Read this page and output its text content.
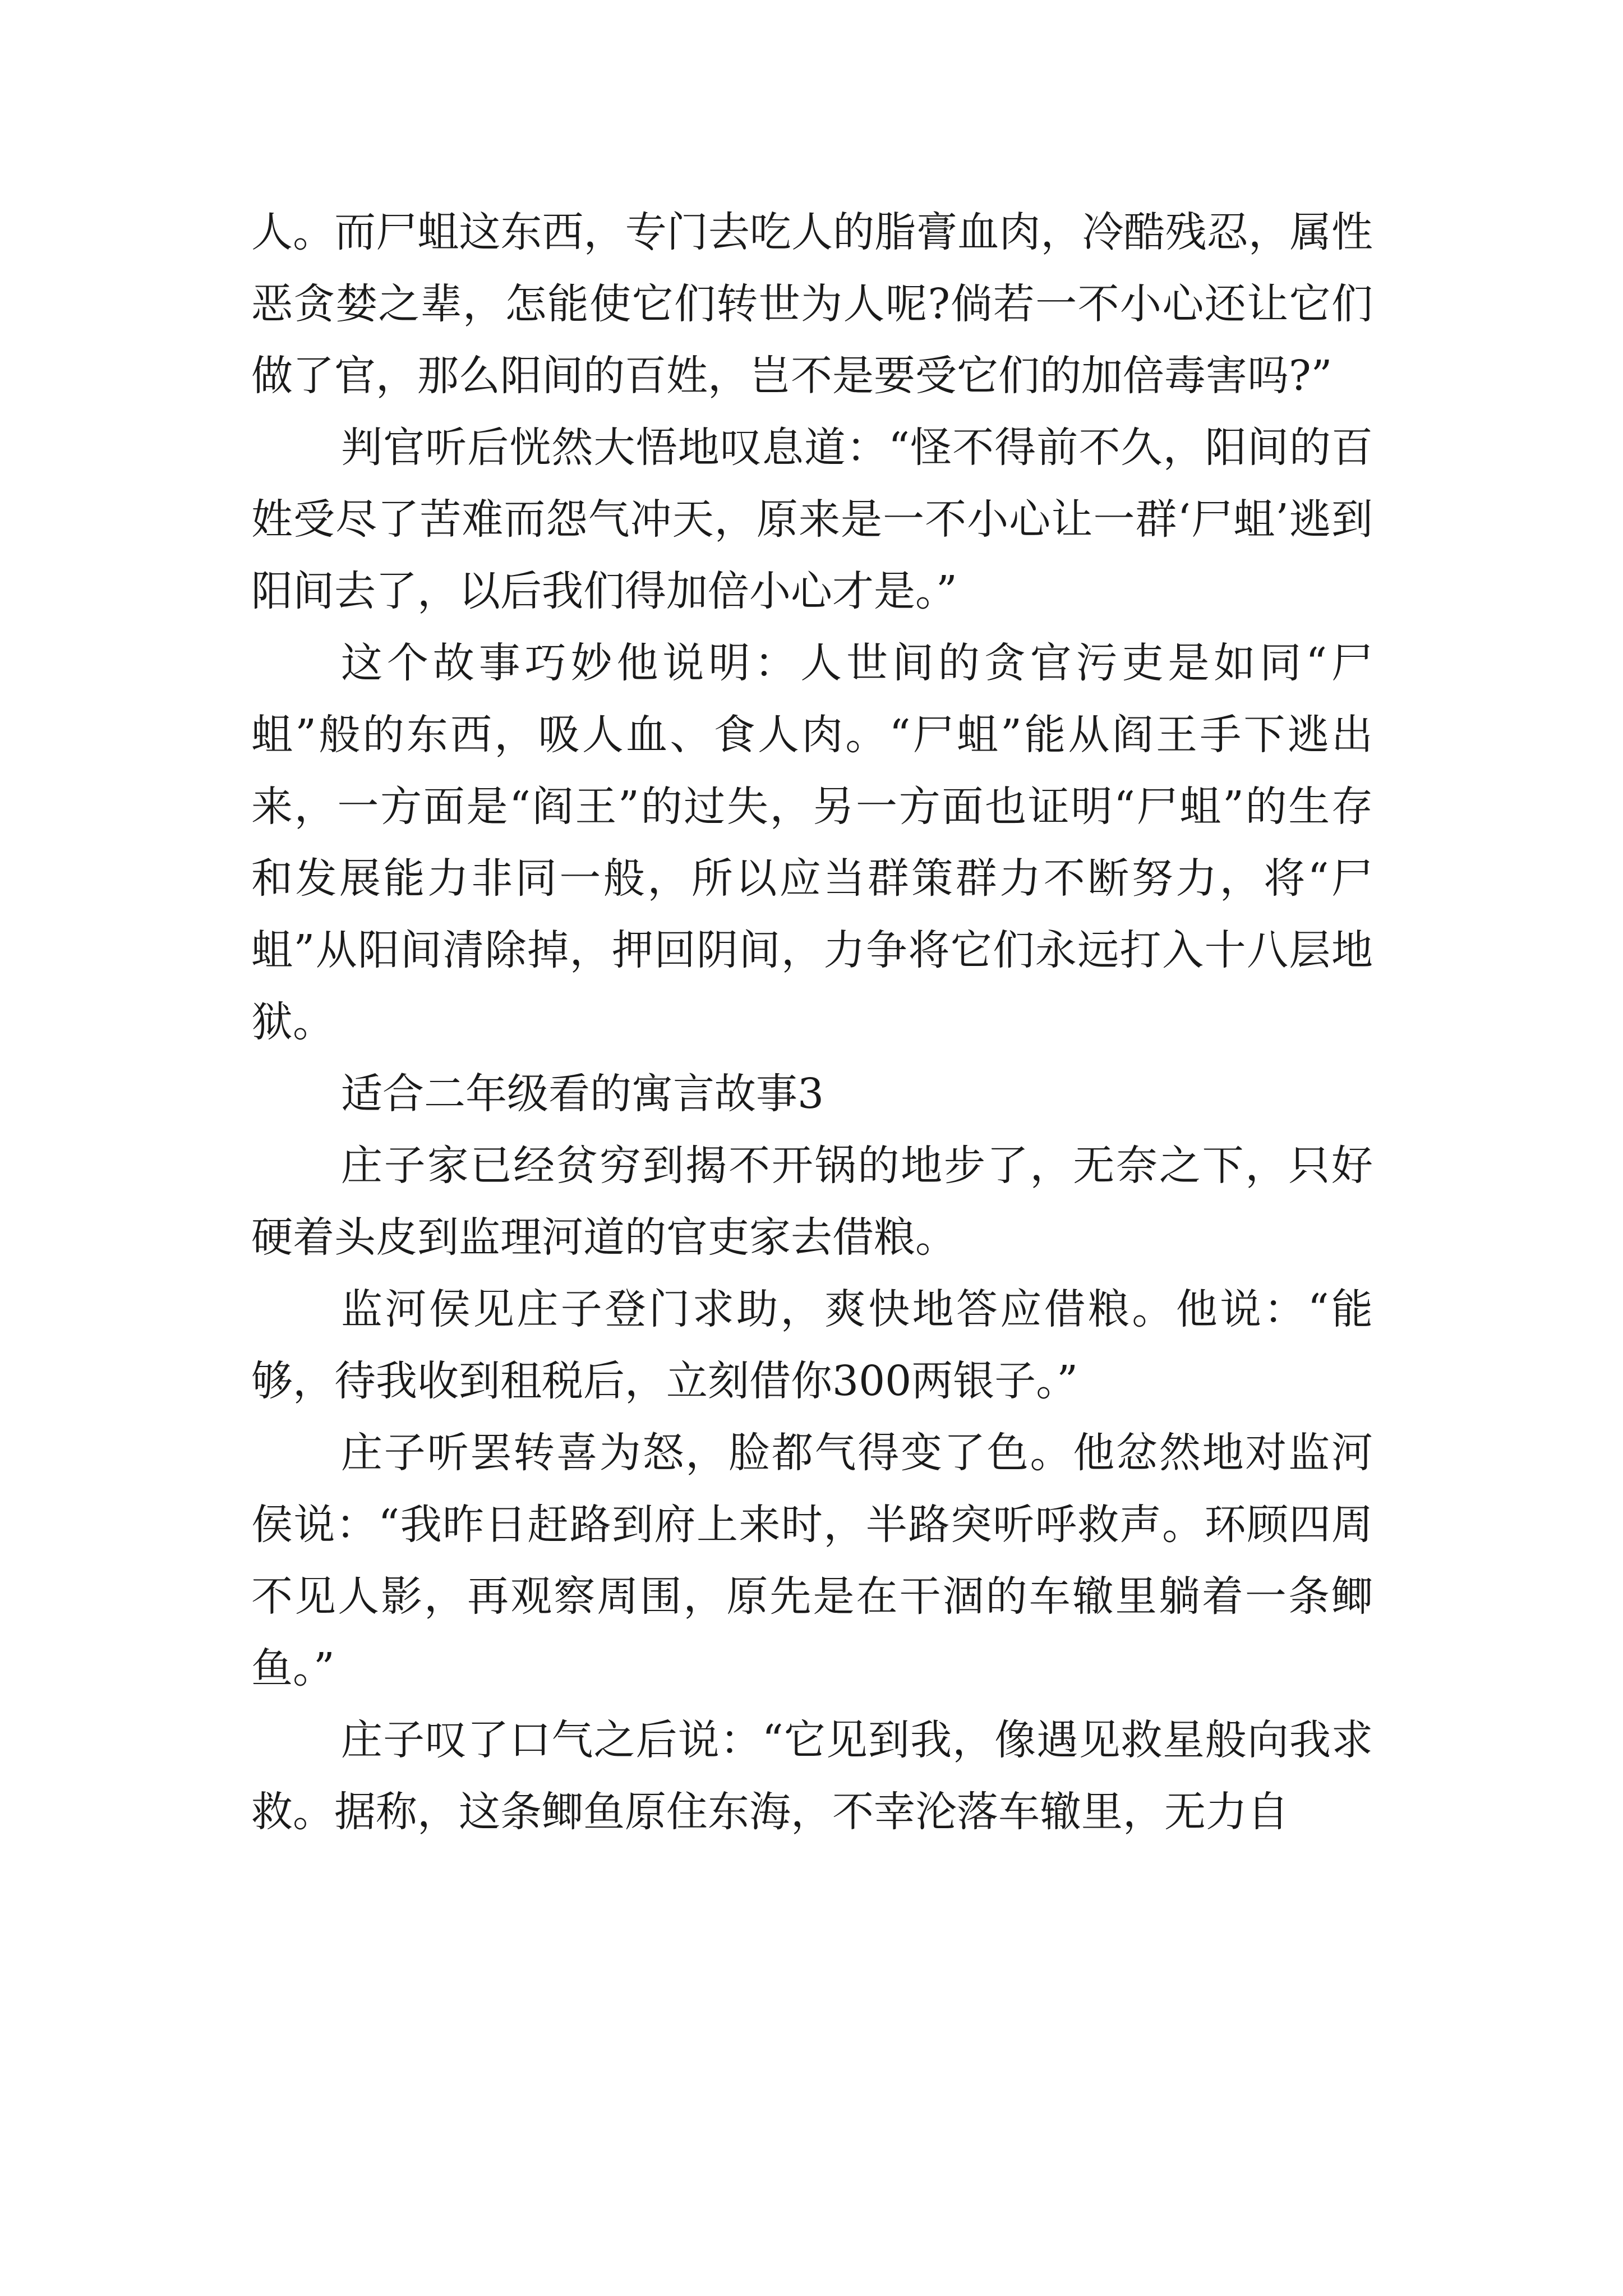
人。而尸蛆这东西，专门去吃人的脂膏血肉，冷酷残忍，属性恶贪婪之辈，怎能使它们转世为人呢?倘若一不小心还让它们做了官，那么阳间的百姓，岂不是要受它们的加倍毒害吗?”

判官听后恍然大悟地叹息道：“怪不得前不久，阳间的百姓受尽了苦难而怨气冲天，原来是一不小心让一群‘尸蛆’逃到阳间去了，以后我们得加倍小心才是。”

这个故事巧妙他说明：人世间的贪官污吏是如同“尸蛆”般的东西，吸人血、食人肉。“尸蛆”能从阎王手下逃出来，一方面是“阎王”的过失，另一方面也证明“尸蛆”的生存和发展能力非同一般，所以应当群策群力不断努力，将“尸蛆”从阳间清除掉，押回阴间，力争将它们永远打入十八层地狱。

适合二年级看的寓言故事3

庄子家已经贫穷到揭不开锅的地步了，无奈之下，只好硬着头皮到监理河道的官吏家去借粮。

监河侯见庄子登门求助，爽快地答应借粮。他说：“能够，待我收到租税后，立刻借你300两银子。”

庄子听罢转喜为怒，脸都气得变了色。他忿然地对监河侯说：“我昨日赶路到府上来时，半路突听呼救声。环顾四周不见人影，再观察周围，原先是在干涸的车辙里躺着一条鲫鱼。”

庄子叹了口气之后说：“它见到我，像遇见救星般向我求救。据称，这条鲫鱼原住东海，不幸沦落车辙里，无力自
